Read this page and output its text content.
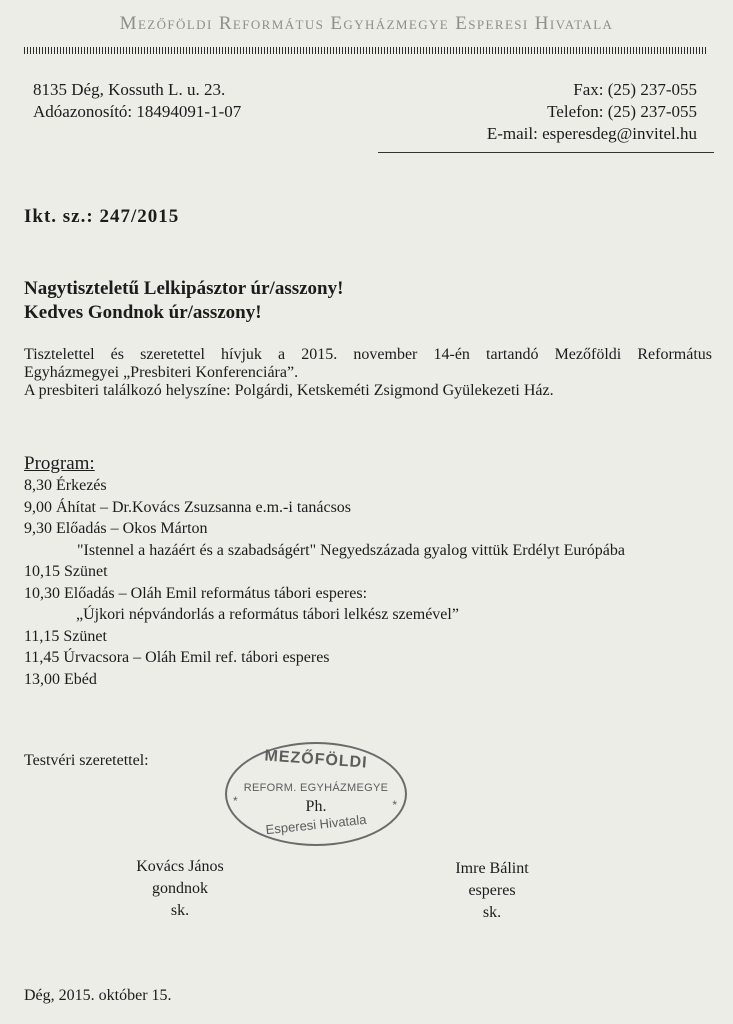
Mezőföldi Református Egyházmegye Esperesi Hivatala
8135 Dég, Kossuth L. u. 23.
Adóazonosító: 18494091-1-07
Fax: (25) 237-055
Telefon: (25) 237-055
E-mail: esperesdeg@invitel.hu
Ikt. sz.: 247/2015
Nagytiszteletű Lelkipásztor úr/asszony!
Kedves Gondnok úr/asszony!
Tisztelettel és szeretettel hívjuk a 2015. november 14-én tartandó Mezőföldi Református
Egyházmegyei „Presbiteri Konferenciára”.
A presbiteri találkozó helyszíne: Polgárdi, Ketskeméti Zsigmond Gyülekezeti Ház.
Program:
8,30 Érkezés
9,00 Áhítat – Dr.Kovács Zsuzsanna e.m.-i tanácsos
9,30 Előadás – Okos Márton
"Istennel a hazáért és a szabadságért" Negyedszázada gyalog vittük Erdélyt Európába
10,15 Szünet
10,30 Előadás – Oláh Emil református tábori esperes:
„Újkori népvándorlás a református tábori lelkész szemével”
11,15 Szünet
11,45 Úrvacsora – Oláh Emil ref. tábori esperes
13,00 Ebéd
Testvéri szeretettel:	MEZŐFÖLDI
REFORM. EGYHÁZMEGYE
Ph.
*	*
Esperesi Hivatala
Kovács János
gondnok
sk.
Imre Bálint
esperes
sk.
Dég, 2015. október 15.
